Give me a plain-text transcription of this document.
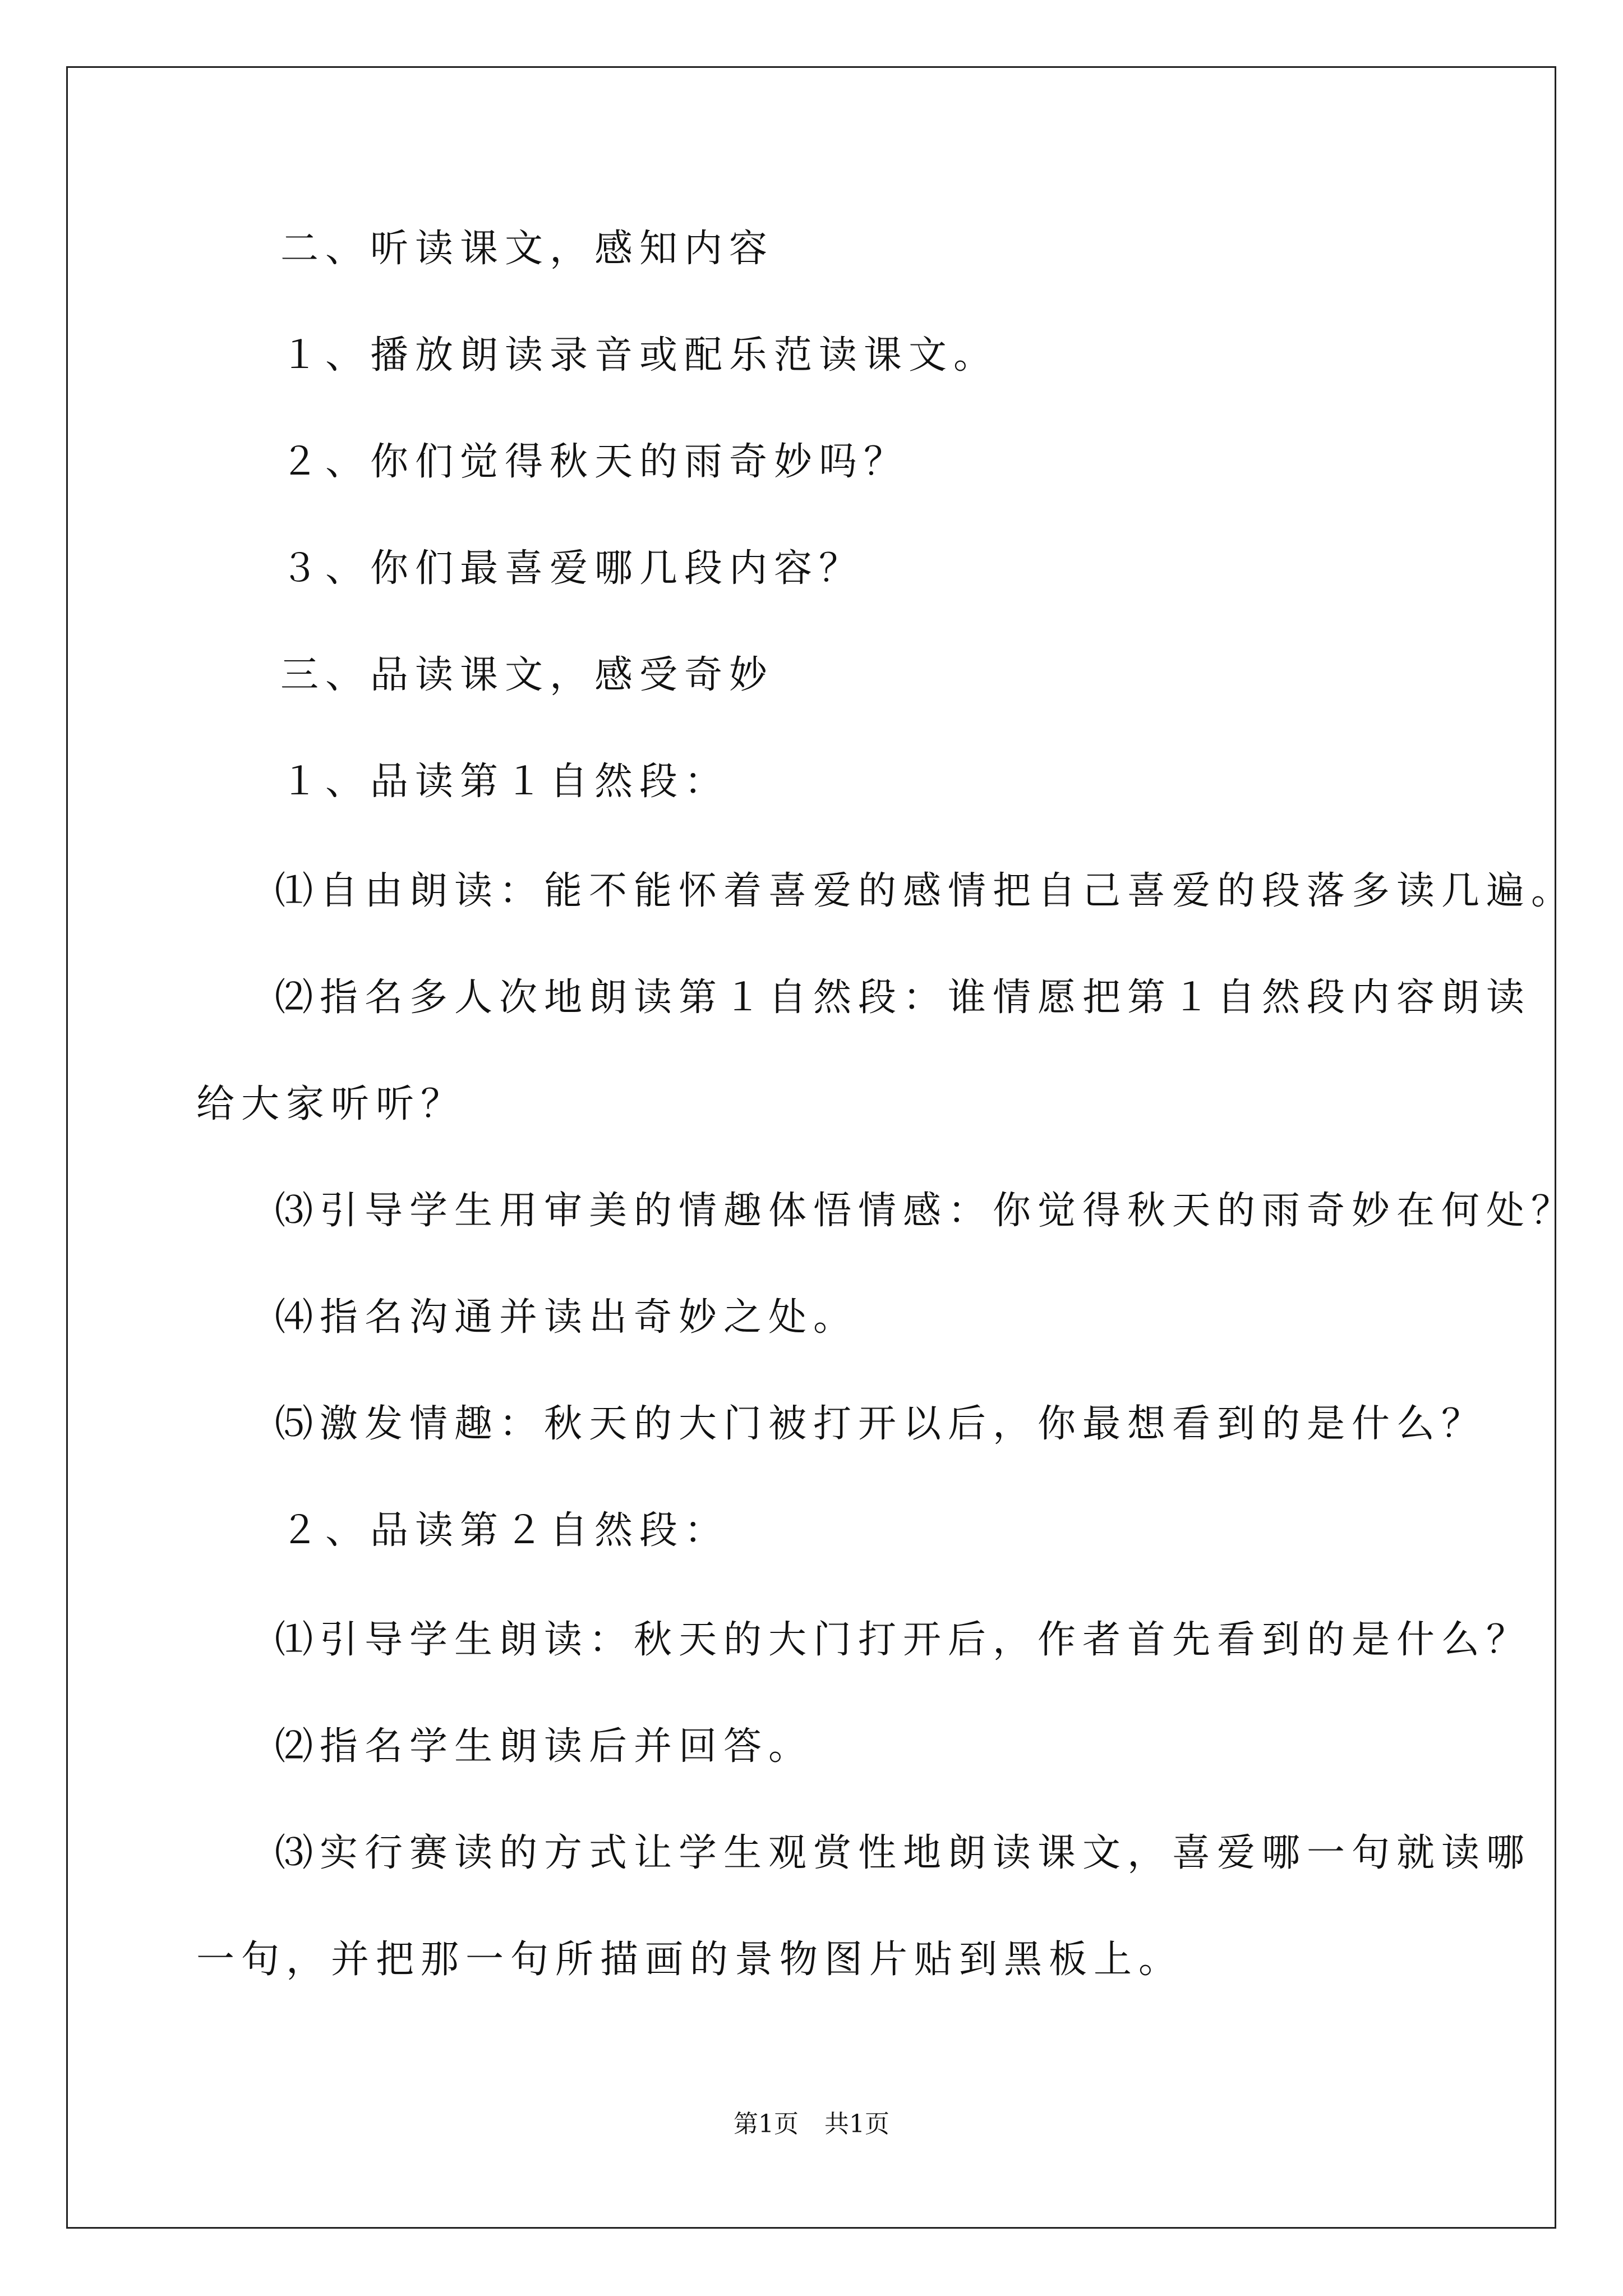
二、听读课文，感知内容
１、播放朗读录音或配乐范读课文。
２、你们觉得秋天的雨奇妙吗？
３、你们最喜爱哪几段内容？
三、品读课文，感受奇妙
１、品读第１自然段：
⑴自由朗读：能不能怀着喜爱的感情把自己喜爱的段落多读几遍。
⑵指名多人次地朗读第１自然段：谁情愿把第１自然段内容朗读
给大家听听？
⑶引导学生用审美的情趣体悟情感：你觉得秋天的雨奇妙在何处？
⑷指名沟通并读出奇妙之处。
⑸激发情趣：秋天的大门被打开以后，你最想看到的是什么？
２、品读第２自然段：
⑴引导学生朗读：秋天的大门打开后，作者首先看到的是什么？
⑵指名学生朗读后并回答。
⑶实行赛读的方式让学生观赏性地朗读课文，喜爱哪一句就读哪
一句，并把那一句所描画的景物图片贴到黑板上。
第1页 共1页
